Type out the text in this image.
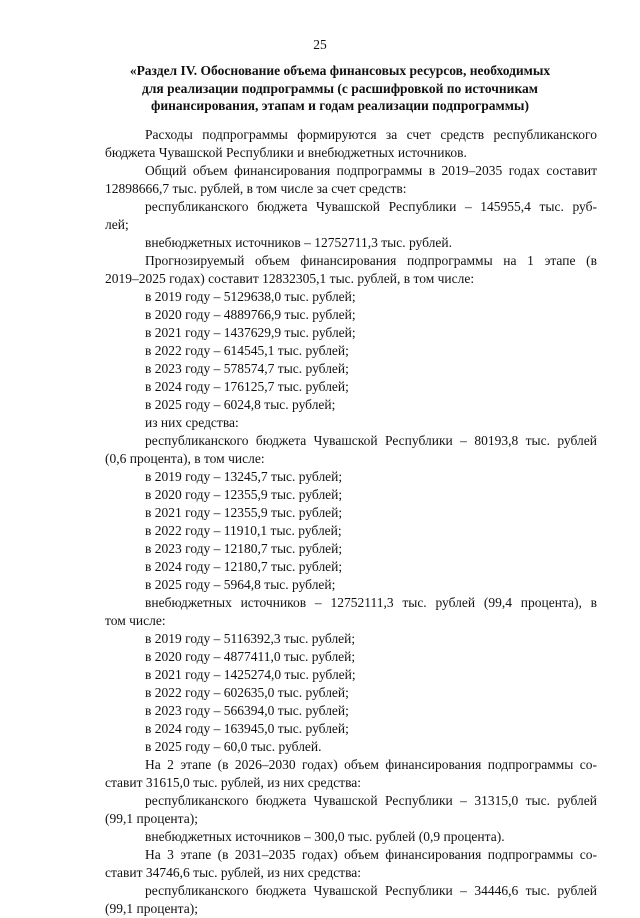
25
«Раздел IV. Обоснование объема финансовых ресурсов, необходимых
для реализации подпрограммы (с расшифровкой по источникам
финансирования, этапам и годам реализации подпрограммы)
Расходы подпрограммы формируются за счет средств республиканского
бюджета Чувашской Республики и внебюджетных источников.
Общий объем финансирования подпрограммы в 2019–2035 годах составит
12898666,7 тыс. рублей, в том числе за счет средств:
республиканского бюджета Чувашской Республики – 145955,4 тыс. руб-
лей;
внебюджетных источников – 12752711,3 тыс. рублей.
Прогнозируемый объем финансирования подпрограммы на 1 этапе (в
2019–2025 годах) составит 12832305,1 тыс. рублей, в том числе:
в 2019 году – 5129638,0 тыс. рублей;
в 2020 году – 4889766,9 тыс. рублей;
в 2021 году – 1437629,9 тыс. рублей;
в 2022 году – 614545,1 тыс. рублей;
в 2023 году – 578574,7 тыс. рублей;
в 2024 году – 176125,7 тыс. рублей;
в 2025 году – 6024,8 тыс. рублей;
из них средства:
республиканского бюджета Чувашской Республики – 80193,8 тыс. рублей
(0,6 процента), в том числе:
в 2019 году – 13245,7 тыс. рублей;
в 2020 году – 12355,9 тыс. рублей;
в 2021 году – 12355,9 тыс. рублей;
в 2022 году – 11910,1 тыс. рублей;
в 2023 году – 12180,7 тыс. рублей;
в 2024 году – 12180,7 тыс. рублей;
в 2025 году – 5964,8 тыс. рублей;
внебюджетных источников – 12752111,3 тыс. рублей (99,4 процента), в
том числе:
в 2019 году – 5116392,3 тыс. рублей;
в 2020 году – 4877411,0 тыс. рублей;
в 2021 году – 1425274,0 тыс. рублей;
в 2022 году – 602635,0 тыс. рублей;
в 2023 году – 566394,0 тыс. рублей;
в 2024 году – 163945,0 тыс. рублей;
в 2025 году – 60,0 тыс. рублей.
На 2 этапе (в 2026–2030 годах) объем финансирования подпрограммы со-
ставит 31615,0 тыс. рублей, из них средства:
республиканского бюджета Чувашской Республики – 31315,0 тыс. рублей
(99,1 процента);
внебюджетных источников – 300,0 тыс. рублей (0,9 процента).
На 3 этапе (в 2031–2035 годах) объем финансирования подпрограммы со-
ставит 34746,6 тыс. рублей, из них средства:
республиканского бюджета Чувашской Республики – 34446,6 тыс. рублей
(99,1 процента);
